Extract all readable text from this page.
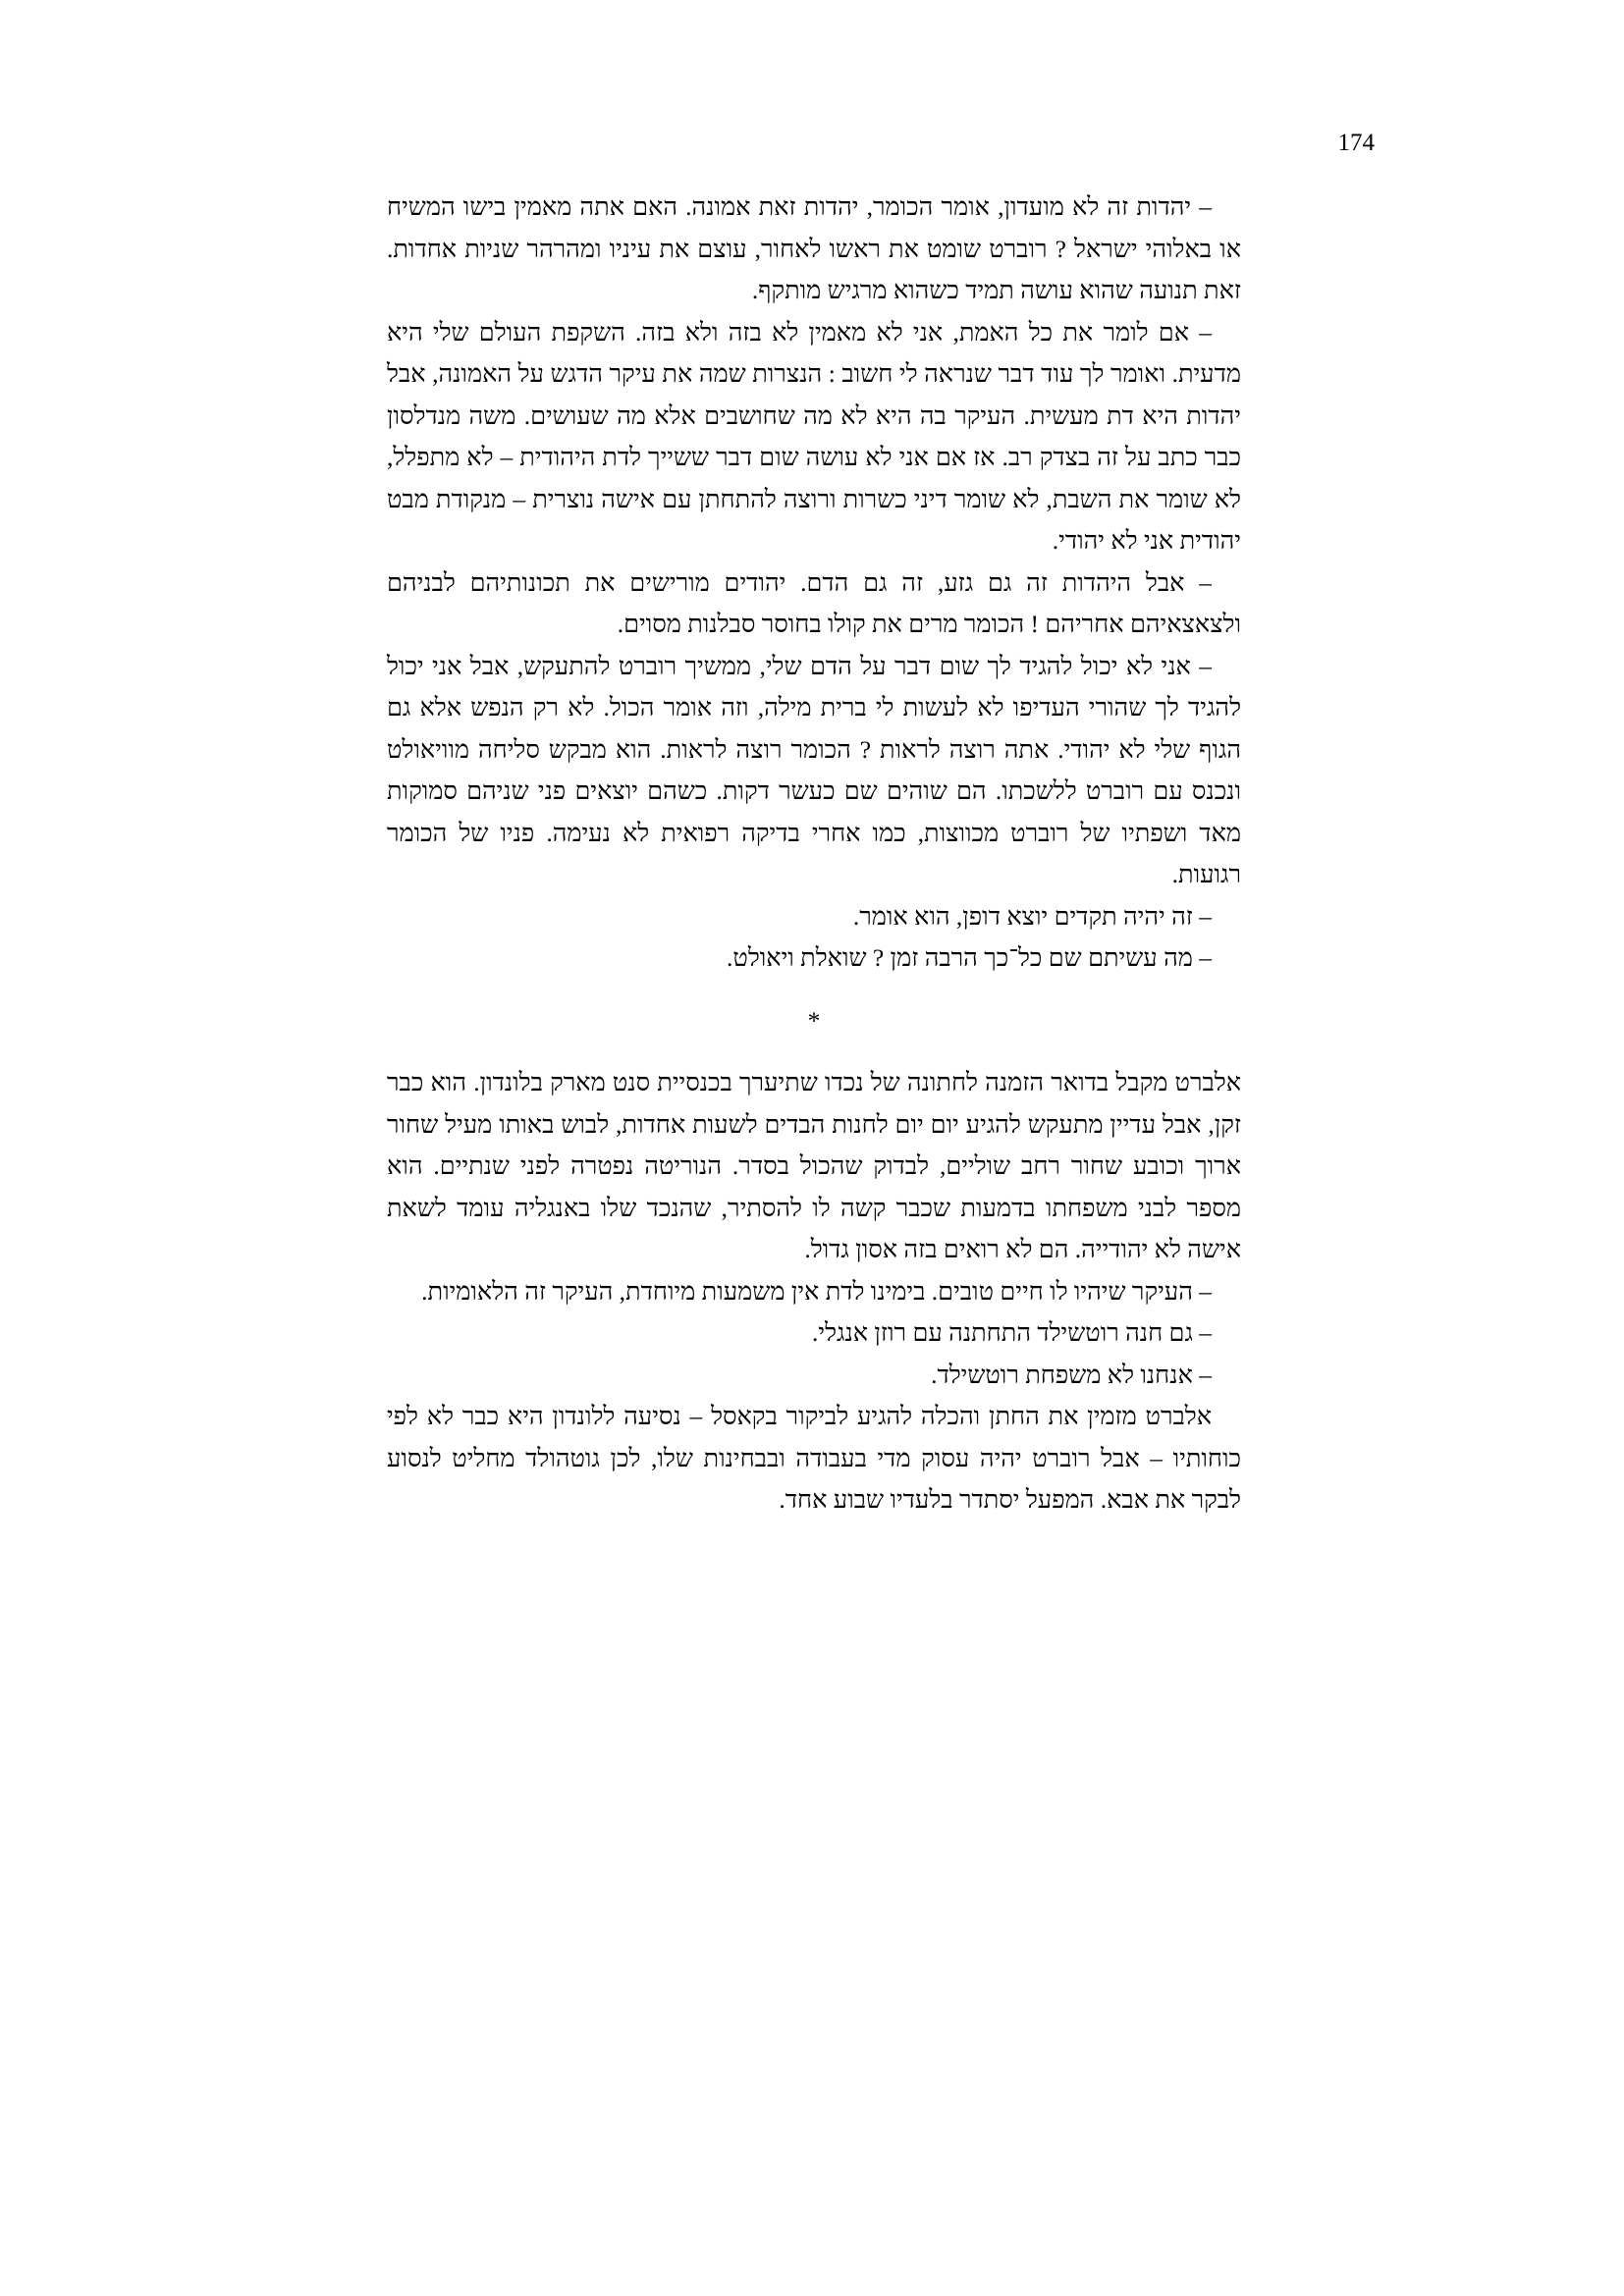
174

– יהדות זה לא מועדון, אומר הכומר, יהדות זאת אמונה. האם אתה מאמין בישו המשיח או באלוהי ישראל ? רוברט שומט את ראשו לאחור, עוצם את עיניו ומהרהר שניות אחדות. זאת תנועה שהוא עושה תמיד כשהוא מרגיש מותקף.

– אם לומר את כל האמת, אני לא מאמין לא בזה ולא בזה. השקפת העולם שלי היא מדעית. ואומר לך עוד דבר שנראה לי חשוב : הנצרות שמה את עיקר הדגש על האמונה, אבל יהדות היא דת מעשית. העיקר בה היא לא מה שחושבים אלא מה שעושים. משה מנדלסון כבר כתב על זה בצדק רב. אז אם אני לא עושה שום דבר ששייך לדת היהודית – לא מתפלל, לא שומר את השבת, לא שומר דיני כשרות ורוצה להתחתן עם אישה נוצרית – מנקודת מבט יהודית אני לא יהודי.

– אבל היהדות זה גם גזע, זה גם הדם. יהודים מורישים את תכונותיהם לבניהם ולצאצאיהם אחריהם ! הכומר מרים את קולו בחוסר סבלנות מסוים.

– אני לא יכול להגיד לך שום דבר על הדם שלי, ממשיך רוברט להתעקש, אבל אני יכול להגיד לך שהורי העדיפו לא לעשות לי ברית מילה, וזה אומר הכול. לא רק הנפש אלא גם הגוף שלי לא יהודי. אתה רוצה לראות ? הכומר רוצה לראות. הוא מבקש סליחה מוויאולט ונכנס עם רוברט ללשכתו. הם שוהים שם כעשר דקות. כשהם יוצאים פני שניהם סמוקות מאד ושפתיו של רוברט מכווצות, כמו אחרי בדיקה רפואית לא נעימה. פניו של הכומר רגועות.

– זה יהיה תקדים יוצא דופן, הוא אומר.

– מה עשיתם שם כל־כך הרבה זמן ? שואלת ויאולט.

*

אלברט מקבל בדואר הזמנה לחתונה של נכדו שתיערך בכנסיית סנט מארק בלונדון. הוא כבר זקן, אבל עדיין מתעקש להגיע יום יום לחנות הבדים לשעות אחדות, לבוש באותו מעיל שחור ארוך וכובע שחור רחב שוליים, לבדוק שהכול בסדר. הנוריטה נפטרה לפני שנתיים. הוא מספר לבני משפחתו בדמעות שכבר קשה לו להסתיר, שהנכד שלו באנגליה עומד לשאת אישה לא יהודייה. הם לא רואים בזה אסון גדול.

– העיקר שיהיו לו חיים טובים. בימינו לדת אין משמעות מיוחדת, העיקר זה הלאומיות.

– גם חנה רוטשילד התחתנה עם רוזן אנגלי.

– אנחנו לא משפחת רוטשילד.

אלברט מזמין את החתן והכלה להגיע לביקור בקאסל – נסיעה ללונדון היא כבר לא לפי כוחותיו – אבל רוברט יהיה עסוק מדי בעבודה ובבחינות שלו, לכן גוטהולד מחליט לנסוע לבקר את אבא. המפעל יסתדר בלעדיו שבוע אחד.
